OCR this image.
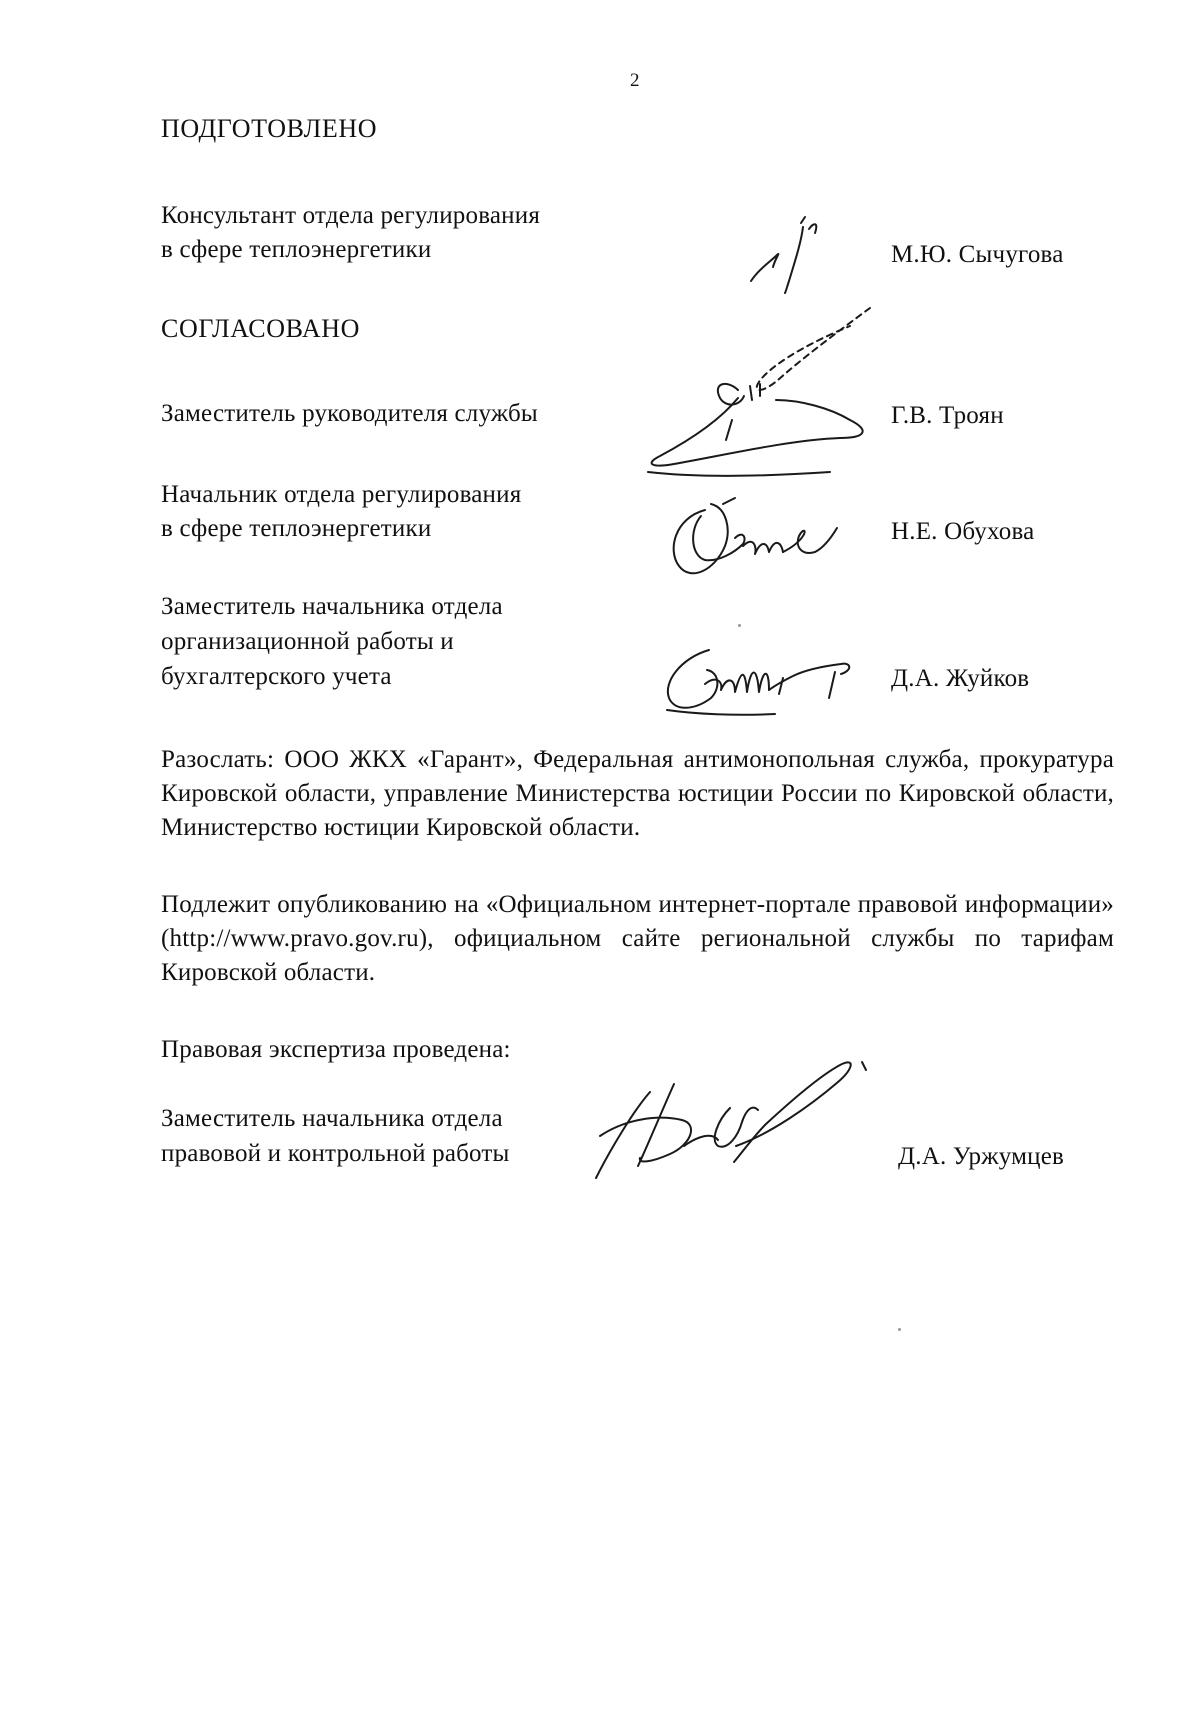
2
ПОДГОТОВЛЕНО
Консультант отдела регулирования
в сфере теплоэнергетики	М.Ю. Сычугова
СОГЛАСОВАНО
Заместитель руководителя службы	Г.В. Троян
Начальник отдела регулирования
в сфере теплоэнергетики	Н.Е. Обухова
Заместитель начальника отдела
организационной работы и
бухгалтерского учета	Д.А. Жуйков
Разослать: ООО ЖКХ «Гарант», Федеральная антимонопольная служба, прокуратура Кировской области, управление Министерства юстиции России по Кировской области, Министерство юстиции Кировской области.
Подлежит опубликованию на «Официальном интернет-портале правовой информации» (http://www.pravo.gov.ru), официальном сайте региональной службы по тарифам Кировской области.
Правовая экспертиза проведена:
Заместитель начальника отдела
правовой и контрольной работы	Д.А. Уржумцев
